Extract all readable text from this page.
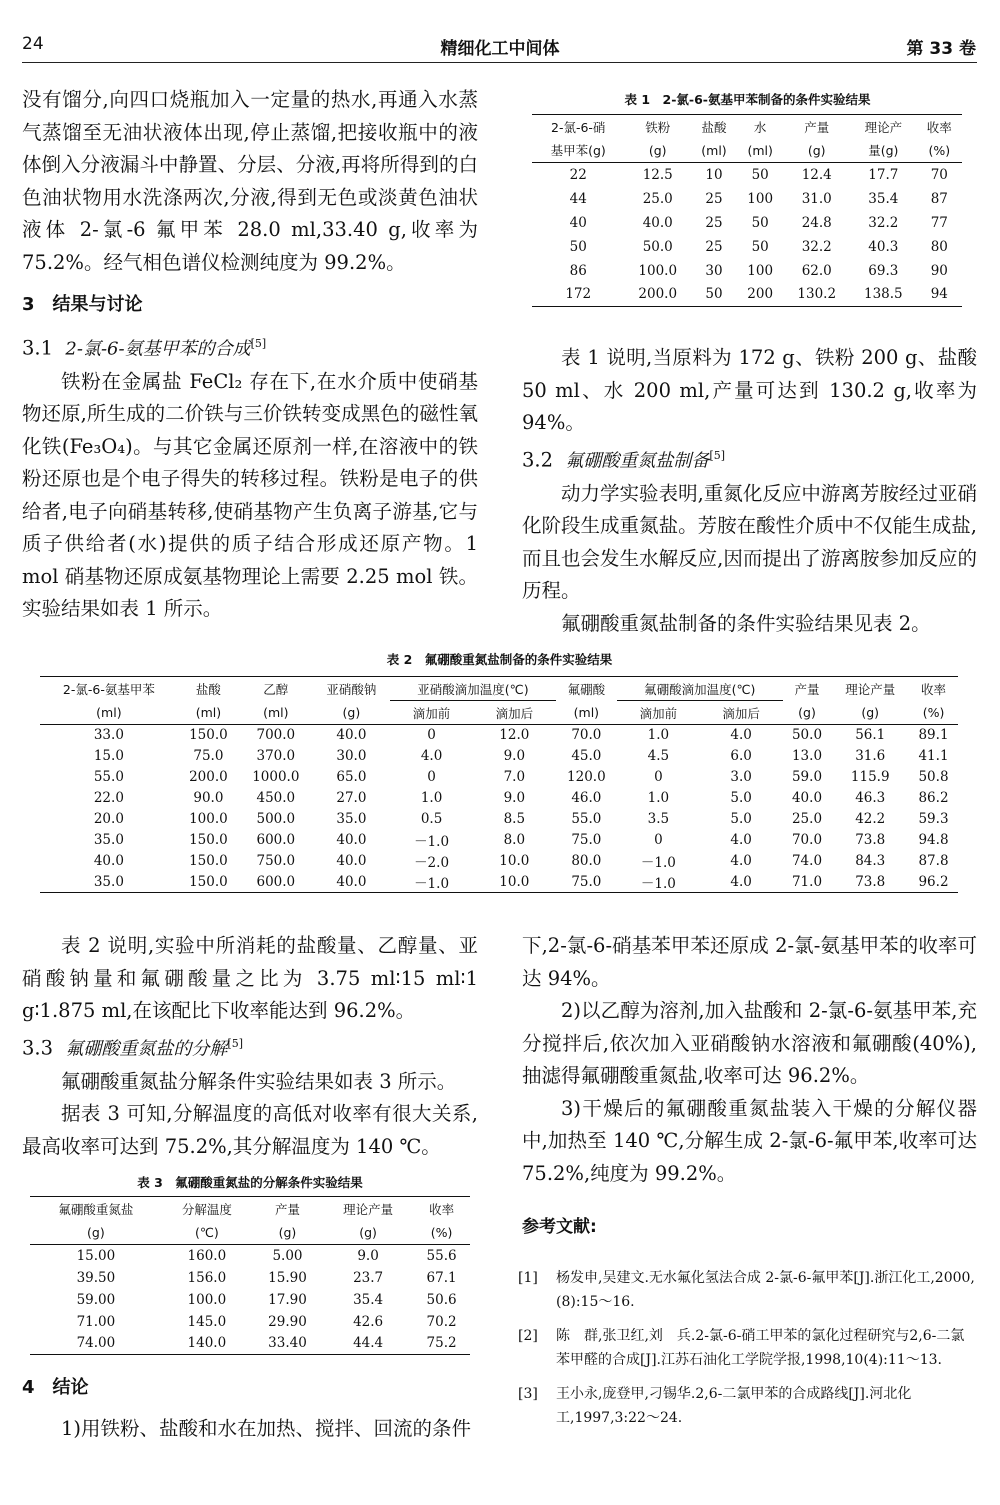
24	精细化工中间体	第 33 卷

没有馏分,向四口烧瓶加入一定量的热水,再通入水蒸气蒸馏至无油状液体出现,停止蒸馏,把接收瓶中的液体倒入分液漏斗中静置、分层、分液,再将所得到的白色油状物用水洗涤两次,分液,得到无色或淡黄色油状液体 2-氯-6 氟甲苯 28.0 ml,33.40 g,收率为 75.2%。经气相色谱仪检测纯度为 99.2%。

3　结果与讨论

3.1 2-氯-6-氨基甲苯的合成[5]

铁粉在金属盐 FeCl₂ 存在下,在水介质中使硝基物还原,所生成的二价铁与三价铁转变成黑色的磁性氧化铁(Fe₃O₄)。与其它金属还原剂一样,在溶液中的铁粉还原也是个电子得失的转移过程。铁粉是电子的供给者,电子向硝基转移,使硝基物产生负离子游基,它与质子供给者(水)提供的质子结合形成还原产物。1 mol 硝基物还原成氨基物理论上需要 2.25 mol 铁。实验结果如表 1 所示。

表 1　2-氯-6-氨基甲苯制备的条件实验结果
2-氯-6-硝	铁粉	盐酸	水	产量	理论产	收率
基甲苯(g)	(g)	(ml)	(ml)	(g)	量(g)	(%)
22	12.5	10	50	12.4	17.7	70
44	25.0	25	100	31.0	35.4	87
40	40.0	25	50	24.8	32.2	77
50	50.0	25	50	32.2	40.3	80
86	100.0	30	100	62.0	69.3	90
172	200.0	50	200	130.2	138.5	94

表 1 说明,当原料为 172 g、铁粉 200 g、盐酸 50 ml、水 200 ml,产量可达到 130.2 g,收率为 94%。

3.2 氟硼酸重氮盐制备[5]

动力学实验表明,重氮化反应中游离芳胺经过亚硝化阶段生成重氮盐。芳胺在酸性介质中不仅能生成盐,而且也会发生水解反应,因而提出了游离胺参加反应的历程。

氟硼酸重氮盐制备的条件实验结果见表 2。

表 2　氟硼酸重氮盐制备的条件实验结果
2-氯-6-氨基甲苯	盐酸	乙醇	亚硝酸钠	亚硝酸滴加温度(℃)		氟硼酸	氟硼酸滴加温度(℃)		产量	理论产量	收率
(ml)	(ml)	(ml)	(g)	滴加前	滴加后	(ml)	滴加前	滴加后	(g)	(g)	(%)
33.0	150.0	700.0	40.0	0	12.0	70.0	1.0	4.0	50.0	56.1	89.1
15.0	75.0	370.0	30.0	4.0	9.0	45.0	4.5	6.0	13.0	31.6	41.1
55.0	200.0	1000.0	65.0	0	7.0	120.0	0	3.0	59.0	115.9	50.8
22.0	90.0	450.0	27.0	1.0	9.0	46.0	1.0	5.0	40.0	46.3	86.2
20.0	100.0	500.0	35.0	0.5	8.5	55.0	3.5	5.0	25.0	42.2	59.3
35.0	150.0	600.0	40.0	－1.0	8.0	75.0	0	4.0	70.0	73.8	94.8
40.0	150.0	750.0	40.0	－2.0	10.0	80.0	－1.0	4.0	74.0	84.3	87.8
35.0	150.0	600.0	40.0	－1.0	10.0	75.0	－1.0	4.0	71.0	73.8	96.2

表 2 说明,实验中所消耗的盐酸量、乙醇量、亚硝酸钠量和氟硼酸量之比为 3.75 ml∶15 ml∶1 g∶1.875 ml,在该配比下收率能达到 96.2%。

3.3 氟硼酸重氮盐的分解[5]

氟硼酸重氮盐分解条件实验结果如表 3 所示。

据表 3 可知,分解温度的高低对收率有很大关系,最高收率可达到 75.2%,其分解温度为 140 ℃。

表 3　氟硼酸重氮盐的分解条件实验结果
氟硼酸重氮盐	分解温度	产量	理论产量	收率
(g)	(℃)	(g)	(g)	(%)
15.00	160.0	5.00	9.0	55.6
39.50	156.0	15.90	23.7	67.1
59.00	100.0	17.90	35.4	50.6
71.00	145.0	29.90	42.6	70.2
74.00	140.0	33.40	44.4	75.2

4　结论

1)用铁粉、盐酸和水在加热、搅拌、回流的条件

下,2-氯-6-硝基苯甲苯还原成 2-氯-氨基甲苯的收率可达 94%。

2)以乙醇为溶剂,加入盐酸和 2-氯-6-氨基甲苯,充分搅拌后,依次加入亚硝酸钠水溶液和氟硼酸(40%),抽滤得氟硼酸重氮盐,收率可达 96.2%。

3)干燥后的氟硼酸重氮盐装入干燥的分解仪器中,加热至 140 ℃,分解生成 2-氯-6-氟甲苯,收率可达 75.2%,纯度为 99.2%。

参考文献:
[1] 杨发申,吴建文.无水氟化氢法合成 2-氯-6-氟甲苯[J].浙江化工,2000,(8):15～16.
[2] 陈　群,张卫红,刘　兵.2-氯-6-硝工甲苯的氯化过程研究与2,6-二氯苯甲醛的合成[J].江苏石油化工学院学报,1998,10(4):11～13.
[3] 王小永,庞登甲,刁锡华.2,6-二氯甲苯的合成路线[J].河北化工,1997,3:22～24.
